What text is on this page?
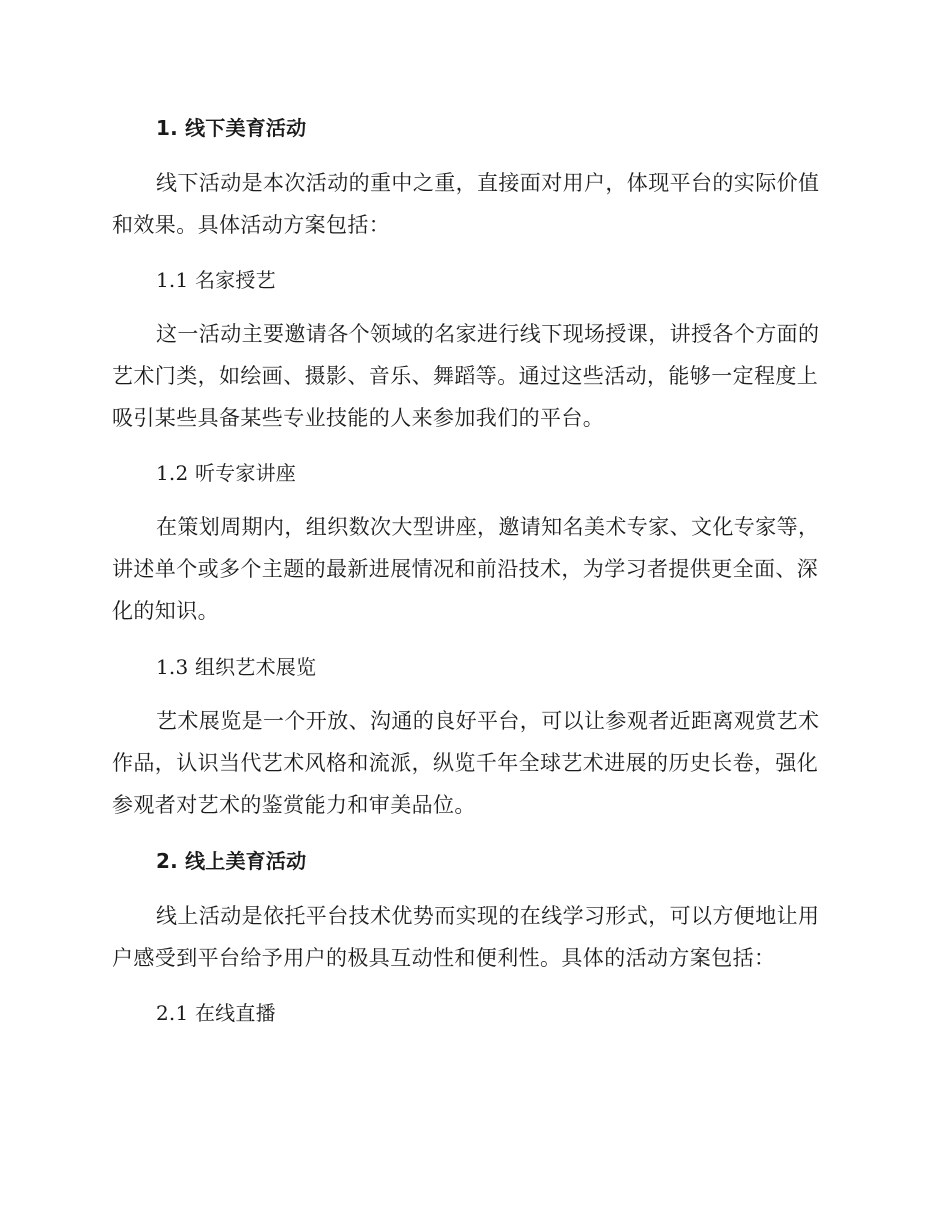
1. 线下美育活动
线下活动是本次活动的重中之重，直接面对用户，体现平台的实际价值
和效果。具体活动方案包括：
1.1 名家授艺
这一活动主要邀请各个领域的名家进行线下现场授课，讲授各个方面的
艺术门类，如绘画、摄影、音乐、舞蹈等。通过这些活动，能够一定程度上
吸引某些具备某些专业技能的人来参加我们的平台。
1.2 听专家讲座
在策划周期内，组织数次大型讲座，邀请知名美术专家、文化专家等，
讲述单个或多个主题的最新进展情况和前沿技术，为学习者提供更全面、深
化的知识。
1.3 组织艺术展览
艺术展览是一个开放、沟通的良好平台，可以让参观者近距离观赏艺术
作品，认识当代艺术风格和流派，纵览千年全球艺术进展的历史长卷，强化
参观者对艺术的鉴赏能力和审美品位。
2. 线上美育活动
线上活动是依托平台技术优势而实现的在线学习形式，可以方便地让用
户感受到平台给予用户的极具互动性和便利性。具体的活动方案包括：
2.1 在线直播
